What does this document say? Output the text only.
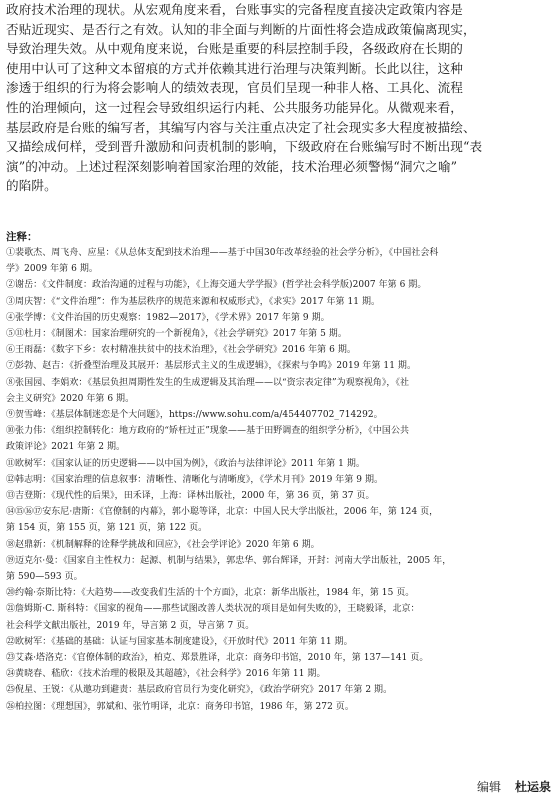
政府技术治理的现状。从宏观角度来看，台账事实的完备程度直接决定政策内容是
否贴近现实、是否行之有效。认知的非全面与判断的片面性将会造成政策偏离现实，
导致治理失效。从中观角度来说，台账是重要的科层控制手段，各级政府在长期的
使用中认可了这种文本留痕的方式并依赖其进行治理与决策判断。长此以往，这种
渗透于组织的行为将会影响人的绩效表现，官员们呈现一种非人格、工具化、流程
性的治理倾向，这一过程会导致组织运行内耗、公共服务功能异化。从微观来看，
基层政府是台账的编写者，其编写内容与关注重点决定了社会现实多大程度被描绘、
又描绘成何样，受到晋升激励和问责机制的影响，下级政府在台账编写时不断出现“表
演”的冲动。上述过程深刻影响着国家治理的效能，技术治理必须警惕“洞穴之喻”
的陷阱。
注释：
①裴歌杰、周飞舟、应星：《从总体支配到技术治理——基于中国30年改革经验的社会学分析》，《中国社会科
学》2009 年第 6 期。
②谢岳：《文件制度：政治沟通的过程与功能》，《上海交通大学学报》(哲学社会科学版)2007 年第 6 期。
③周庆智：《“文件治理”：作为基层秩序的规范来源和权威形式》，《求实》2017 年第 11 期。
④张学博：《文件治国的历史观察：1982—2017》，《学术界》2017 年第 9 期。
⑤⑪杜月：《制图术：国家治理研究的一个新视角》，《社会学研究》2017 年第 5 期。
⑥王雨磊：《数字下乡：农村精准扶贫中的技术治理》，《社会学研究》2016 年第 6 期。
⑦彭勃、赵吉：《折叠型治理及其展开：基层形式主义的生成逻辑》，《探索与争鸣》2019 年第 11 期。
⑧张国园、李娟欢：《基层负担周期性发生的生成逻辑及其治理——以“资宗表定律”为观察视角》，《社
会主义研究》2020 年第 6 期。
⑨贺雪峰：《基层体制迷恋是个大问题》，https://www.sohu.com/a/454407702_714292。
⑩张力伟：《组织控制转化：地方政府的“矫枉过正”现象——基于田野调查的组织学分析》，《中国公共
政策评论》2021 年第 2 期。
⑪欧树军：《国家认证的历史逻辑——以中国为例》，《政治与法律评论》2011 年第 1 期。
⑫韩志明：《国家治理的信息叙事：清晰性、清晰化与清晰度》，《学术月刊》2019 年第 9 期。
⑬吉登斯：《现代性的后果》，田禾译，上海：译林出版社，2000 年，第 36 页，第 37 页。
⑭⑮⑯⑰安东尼·唐斯：《官僚制的内幕》，郭小聪等译，北京：中国人民大学出版社，2006 年，第 124 页，
第 154 页，第 155 页，第 121 页，第 122 页。
⑱赵鼎新：《机制解释的诠释学挑战和回应》，《社会学评论》2020 年第 6 期。
⑲迈克尔·曼：《国家自主性权力：起源、机制与结果》，郭忠华、郭台辉译，开封：河南大学出版社，2005 年，
第 590—593 页。
⑳约翰·奈斯比特：《大趋势——改变我们生活的十个方面》，北京：新华出版社，1984 年，第 15 页。
㉑詹姆斯·C. 斯科特：《国家的视角——那些试图改善人类状况的项目是如何失败的》，王晓毅译，北京：
社会科学文献出版社，2019 年，导言第 2 页，导言第 7 页。
㉒欧树军：《基础的基础：认证与国家基本制度建设》，《开放时代》2011 年第 11 期。
㉓艾森·塔洛克：《官僚体制的政治》，柏克、郑景胜译，北京：商务印书馆，2010 年，第 137—141 页。
㉔黄晓春、嵇欣：《技术治理的极限及其超越》，《社会科学》2016 年第 11 期。
㉕倪星、王锐：《从邀功到避责：基层政府官员行为变化研究》，《政治学研究》2017 年第 2 期。
㉖柏拉图：《理想国》，郭斌和、张竹明译，北京：商务印书馆，1986 年，第 272 页。
编辑 杜运泉
